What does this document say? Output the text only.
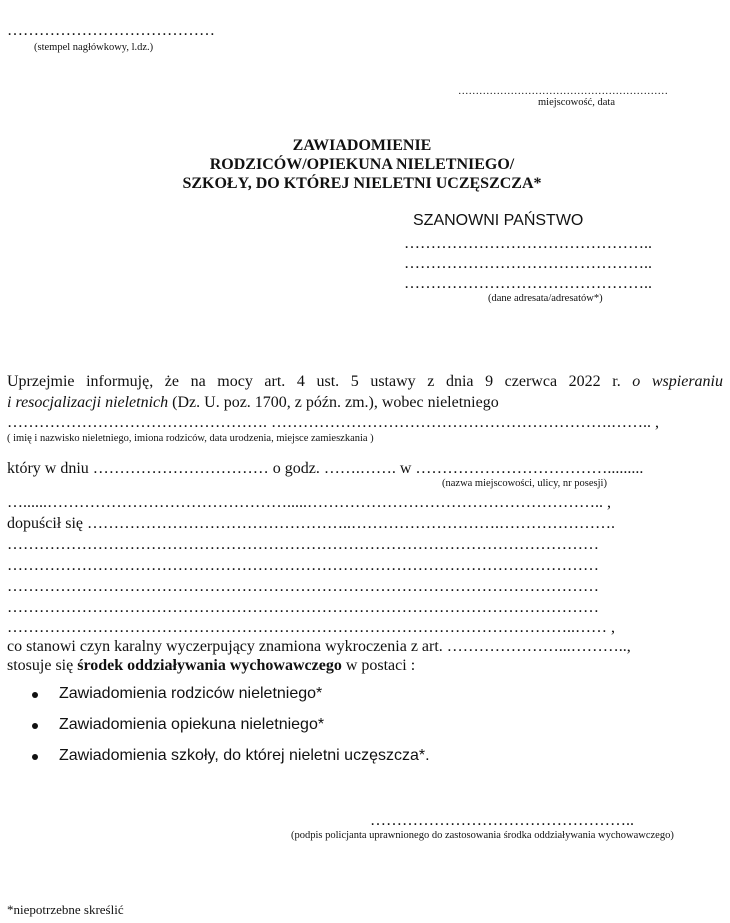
…………………………………
(stempel nagłówkowy, l.dz.)
……………………………………………………
miejscowość, data
ZAWIADOMIENIE
RODZICÓW/OPIEKUNA NIELETNIEGO/
SZKOŁY, DO KTÓREJ NIELETNI UCZĘSZCZA*
SZANOWNI PAŃSTWO
………………………………………..
………………………………………..
………………………………………..
(dane adresata/adresatów*)
Uprzejmie informuję, że na mocy art. 4 ust. 5 ustawy z dnia 9 czerwca 2022 r. o wspieraniu
i resocjalizacji nieletnich (Dz. U. poz. 1700, z późn. zm.), wobec nieletniego
…………………………………………. ……………………………………………………….…….. ,
( imię i nazwisko nieletniego, imiona rodziców, data urodzenia, miejsce zamieszkania )
który w dniu …………………………… o godz. …….……. w ……………………………….........
(nazwa miejscowości, ulicy, nr posesji)
…......……………………………………….....……………………………………………….. ,
dopuścił się …………………………………………..……………………….………………….
…………………………………………………………………………………………………
…………………………………………………………………………………………………
…………………………………………………………………………………………………
…………………………………………………………………………………………………
……………………………………………………………………………………………..…… ,
co stanowi czyn karalny wyczerpujący znamiona wykroczenia z art. …………………...………..,
stosuje się środek oddziaływania wychowawczego w postaci :
Zawiadomienia rodziców nieletniego*
Zawiadomienia opiekuna nieletniego*
Zawiadomienia szkoły, do której nieletni uczęszcza*.
…………………………………………..
(podpis policjanta uprawnionego do zastosowania środka oddziaływania wychowawczego)
*niepotrzebne skreślić
